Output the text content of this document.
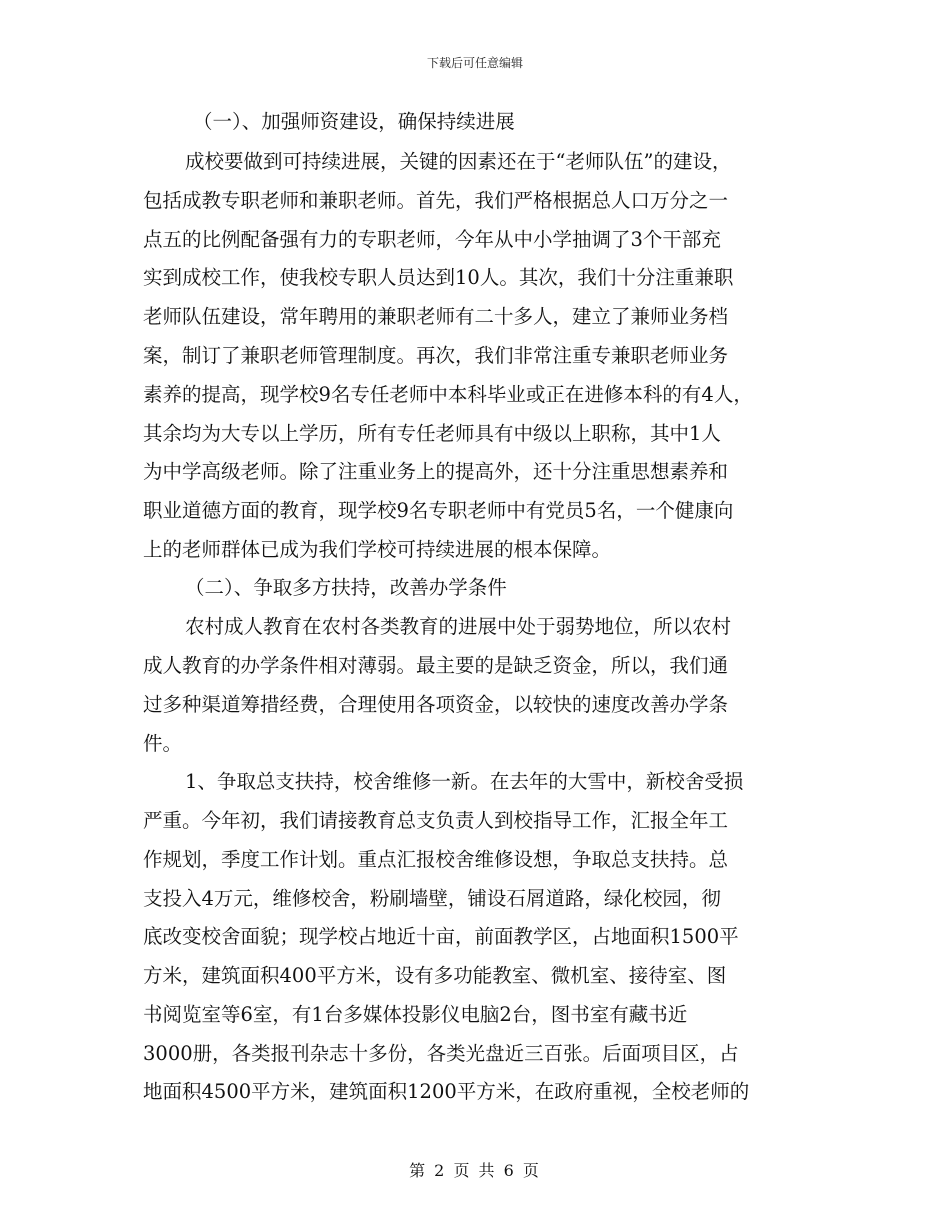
下载后可任意编辑
（一）、加强师资建设，确保持续进展
成校要做到可持续进展，关键的因素还在于“老师队伍”的建设，
包括成教专职老师和兼职老师。首先，我们严格根据总人口万分之一
点五的比例配备强有力的专职老师，今年从中小学抽调了3个干部充
实到成校工作，使我校专职人员达到10人。其次，我们十分注重兼职
老师队伍建设，常年聘用的兼职老师有二十多人，建立了兼师业务档
案，制订了兼职老师管理制度。再次，我们非常注重专兼职老师业务
素养的提高，现学校9名专任老师中本科毕业或正在进修本科的有4人，
其余均为大专以上学历，所有专任老师具有中级以上职称，其中1人
为中学高级老师。除了注重业务上的提高外，还十分注重思想素养和
职业道德方面的教育，现学校9名专职老师中有党员5名，一个健康向
上的老师群体已成为我们学校可持续进展的根本保障。
（二）、争取多方扶持，改善办学条件
农村成人教育在农村各类教育的进展中处于弱势地位，所以农村
成人教育的办学条件相对薄弱。最主要的是缺乏资金，所以，我们通
过多种渠道筹措经费，合理使用各项资金，以较快的速度改善办学条
件。
1、争取总支扶持，校舍维修一新。在去年的大雪中，新校舍受损
严重。今年初，我们请接教育总支负责人到校指导工作，汇报全年工
作规划，季度工作计划。重点汇报校舍维修设想，争取总支扶持。总
支投入4万元，维修校舍，粉刷墙壁，铺设石屑道路，绿化校园，彻
底改变校舍面貌；现学校占地近十亩，前面教学区，占地面积1500平
方米，建筑面积400平方米，设有多功能教室、微机室、接待室、图
书阅览室等6室，有1台多媒体投影仪电脑2台，图书室有藏书近
3000册，各类报刊杂志十多份，各类光盘近三百张。后面项目区，占
地面积4500平方米，建筑面积1200平方米，在政府重视，全校老师的
第 2 页 共 6 页
